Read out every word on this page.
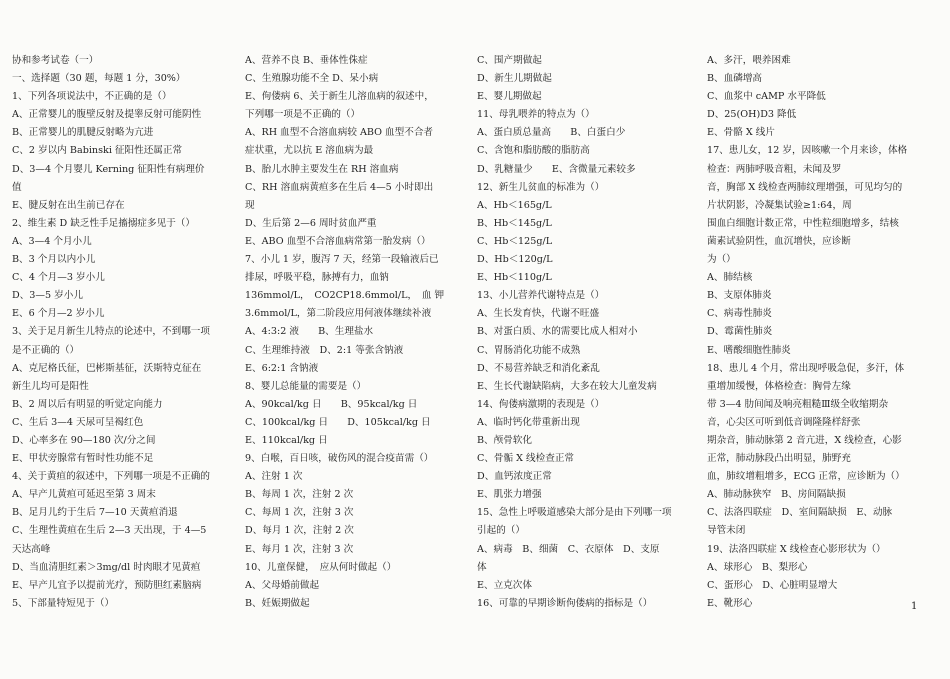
协和参考试卷（一）
一、选择题（30 题，每题 1 分，30%）
1、下列各项说法中，不正确的是（）
A、正常婴儿的腹壁反射及提睾反射可能阴性
B、正常婴儿的肌腱反射略为亢进
C、2 岁以内 Babinski 征阳性还属正常
D、3—4 个月婴儿 Kerning 征阳性有病理价
值
E、腱反射在出生前已存在
2、维生素 D 缺乏性手足搐搦症多见于（）
A、3—4 个月小儿
B、3 个月以内小儿
C、4 个月—3 岁小儿
D、3—5 岁小儿
E、6 个月—2 岁小儿
3、关于足月新生儿特点的论述中，不到哪一项
是不正确的（）
A、克尼格氏征，巴彬斯基征，沃斯特克征在
新生儿均可是阳性
B、2 周以后有明显的听觉定向能力
C、生后 3—4 天尿可呈褐红色
D、心率多在 90—180 次/分之间
E、甲状旁腺常有暂时性功能不足
4、关于黄疸的叙述中，下列哪一项是不正确的
A、早产儿黄疸可延迟至第 3 周末
B、足月儿约于生后 7—10 天黄疸消退
C、生理性黄疸在生后 2—3 天出现，于 4—5
天达高峰
D、当血清胆红素＞3mg/dl 时肉眼才见黄疸
E、早产儿宜予以提前光疗，预防胆红素脑病
5、下部量特短见于（）
A、营养不良 B、垂体性侏症
C、生殖腺功能不全 D、呆小病
E、佝偻病 6、关于新生儿溶血病的叙述中，
下列哪一项是不正确的（）
A、RH 血型不合溶血病较 ABO 血型不合者
症状重，尤以抗 E 溶血病为最
B、胎儿水肿主要发生在 RH 溶血病
C、RH 溶血病黄疸多在生后 4—5 小时即出
现
D、生后第 2—6 周时贫血严重
E、ABO 血型不合溶血病常第一胎发病（）
7、小儿 1 岁，腹泻 7 天，经第一段输液后已
排尿，呼吸平稳，脉搏有力，血钠
136mmol/L，　CO2CP18.6mmol/L，　血 钾
3.6mmol/L，第二阶段应用何液体继续补液
A、4:3:2 液　　B、生理盐水
C、生理维持液　D、2:1 等张含钠液
E、6:2:1 含钠液
8、婴儿总能量的需要是（）
A、90kcal/kg 日　　B、95kcal/kg 日
C、100kcal/kg 日　　D、105kcal/kg 日
E、110kcal/kg 日
9、白喉，百日咳，破伤风的混合疫苗需（）
A、注射 1 次
B、每周 1 次，注射 2 次
C、每周 1 次，注射 3 次
D、每月 1 次，注射 2 次
E、每月 1 次，注射 3 次
10、儿童保健，　应从何时做起（）
A、父母婚前做起
B、妊娠期做起
C、围产期做起
D、新生儿期做起
E、婴儿期做起
11、母乳喂养的特点为（）
A、蛋白质总量高　　B、白蛋白少
C、含饱和脂肪酸的脂肪高
D、乳糖量少　　E、含微量元素较多
12、新生儿贫血的标准为（）
A、Hb＜165g/L
B、Hb＜145g/L
C、Hb＜125g/L
D、Hb＜120g/L
E、Hb＜110g/L
13、小儿营养代谢特点是（）
A、生长发育快，代谢不旺盛
B、对蛋白质、水的需要比成人相对小
C、胃肠消化功能不成熟
D、不易营养缺乏和消化紊乱
E、生长代谢缺陷病，大多在较大儿童发病
14、佝偻病激期的表现是（）
A、临时钙化带重新出现
B、颅骨软化
C、骨骺 X 线检查正常
D、血钙浓度正常
E、肌张力增强
15、急性上呼吸道感染大部分是由下列哪一项
引起的（）
A、病毒　B、细菌　C、衣原体　D、支原
体
E、立克次体
16、可靠的早期诊断佝偻病的指标是（）
A、多汗，喂养困难
B、血磷增高
C、血浆中 cAMP 水平降低
D、25(OH)D3 降低
E、骨骼 X 线片
17、患儿女，12 岁，因咳嗽一个月来诊，体格
检查：两肺呼吸音粗，未闻及罗
音，胸部 X 线检查两肺纹理增强，可见均匀的
片状阴影，冷凝集试验≥1:64，周
围血白细胞计数正常，中性粒细胞增多，结核
菌素试验阴性，血沉增快，应诊断
为（）
A、肺结核
B、支原体肺炎
C、病毒性肺炎
D、霉菌性肺炎
E、嗜酸细胞性肺炎
18、患儿 4 个月，常出现呼吸急促，多汗，体
重增加缓慢，体格检查：胸骨左缘
带 3—4 肋间闻及响亮粗糙Ⅲ级全收缩期杂
音，心尖区可听到低音调隆隆样舒张
期杂音，肺动脉第 2 音亢进，X 线检查，心影
正常，肺动脉段凸出明显，肺野充
血，肺纹增粗增多，ECG 正常，应诊断为（）
A、肺动脉狭窄　B、房间隔缺损
C、法洛四联症　D、室间隔缺损　E、动脉
导管未闭
19、法洛四联症 X 线检查心影形状为（）
A、球形心　B、梨形心
C、蛋形心　D、心脏明显增大
E、靴形心	1
